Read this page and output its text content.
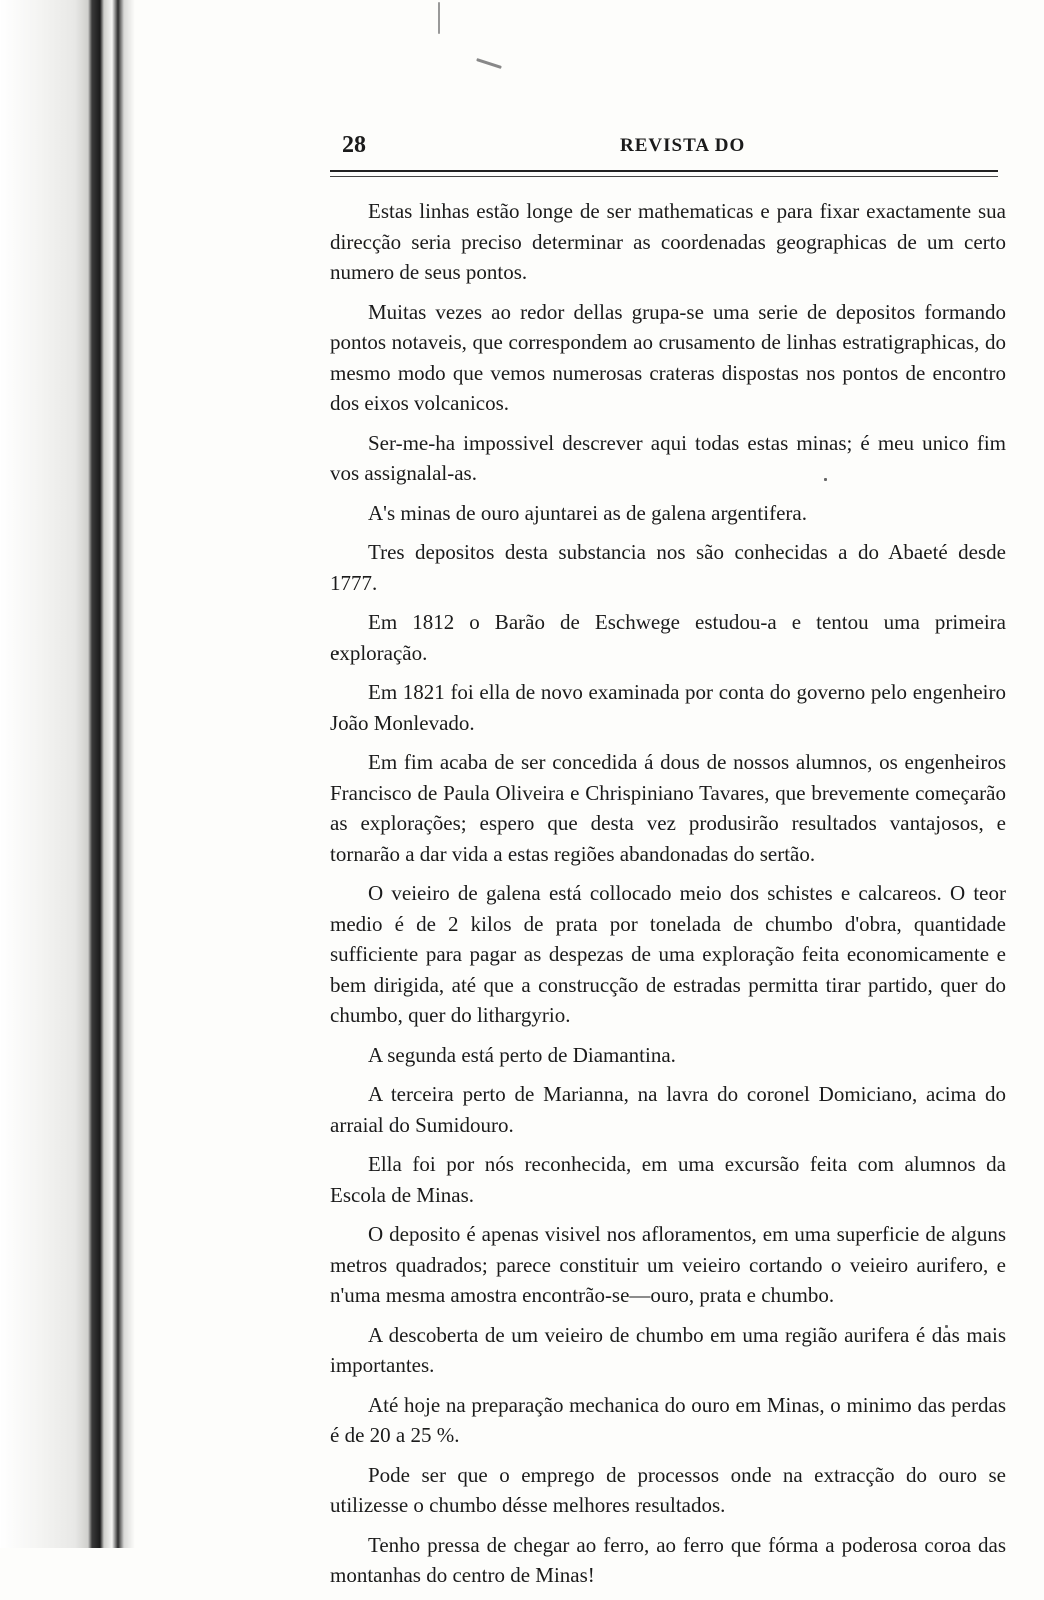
28	REVISTA DO

Estas linhas estão longe de ser mathematicas e para fixar exactamente sua direcção seria preciso determinar as coordenadas geographicas de um certo numero de seus pontos.

Muitas vezes ao redor dellas grupa-se uma serie de depositos formando pontos notaveis, que correspondem ao crusamento de linhas estratigraphicas, do mesmo modo que vemos numerosas crateras dispostas nos pontos de encontro dos eixos volcanicos.

Ser-me-ha impossivel descrever aqui todas estas minas; é meu unico fim vos assignalal-as.

A's minas de ouro ajuntarei as de galena argentifera.

Tres depositos desta substancia nos são conhecidas a do Abaeté desde 1777.

Em 1812 o Barão de Eschwege estudou-a e tentou uma primeira exploração.

Em 1821 foi ella de novo examinada por conta do governo pelo engenheiro João Monlevado.

Em fim acaba de ser concedida á dous de nossos alumnos, os engenheiros Francisco de Paula Oliveira e Chrispiniano Tavares, que brevemente começarão as explorações; espero que desta vez produsirão resultados vantajosos, e tornarão a dar vida a estas regiões abandonadas do sertão.

O veieiro de galena está collocado meio dos schistes e calcareos. O teor medio é de 2 kilos de prata por tonelada de chumbo d'obra, quantidade sufficiente para pagar as despezas de uma exploração feita economicamente e bem dirigida, até que a construcção de estradas permitta tirar partido, quer do chumbo, quer do lithargyrio.

A segunda está perto de Diamantina.

A terceira perto de Marianna, na lavra do coronel Domiciano, acima do arraial do Sumidouro.

Ella foi por nós reconhecida, em uma excursão feita com alumnos da Escola de Minas.

O deposito é apenas visivel nos afloramentos, em uma superficie de alguns metros quadrados; parece constituir um veieiro cortando o veieiro aurifero, e n'uma mesma amostra encontrão-se—ouro, prata e chumbo.

A descoberta de um veieiro de chumbo em uma região aurifera é das mais importantes.

Até hoje na preparação mechanica do ouro em Minas, o minimo das perdas é de 20 a 25 %.

Pode ser que o emprego de processos onde na extracção do ouro se utilizesse o chumbo désse melhores resultados.

Tenho pressa de chegar ao ferro, ao ferro que fórma a poderosa coroa das montanhas do centro de Minas!
